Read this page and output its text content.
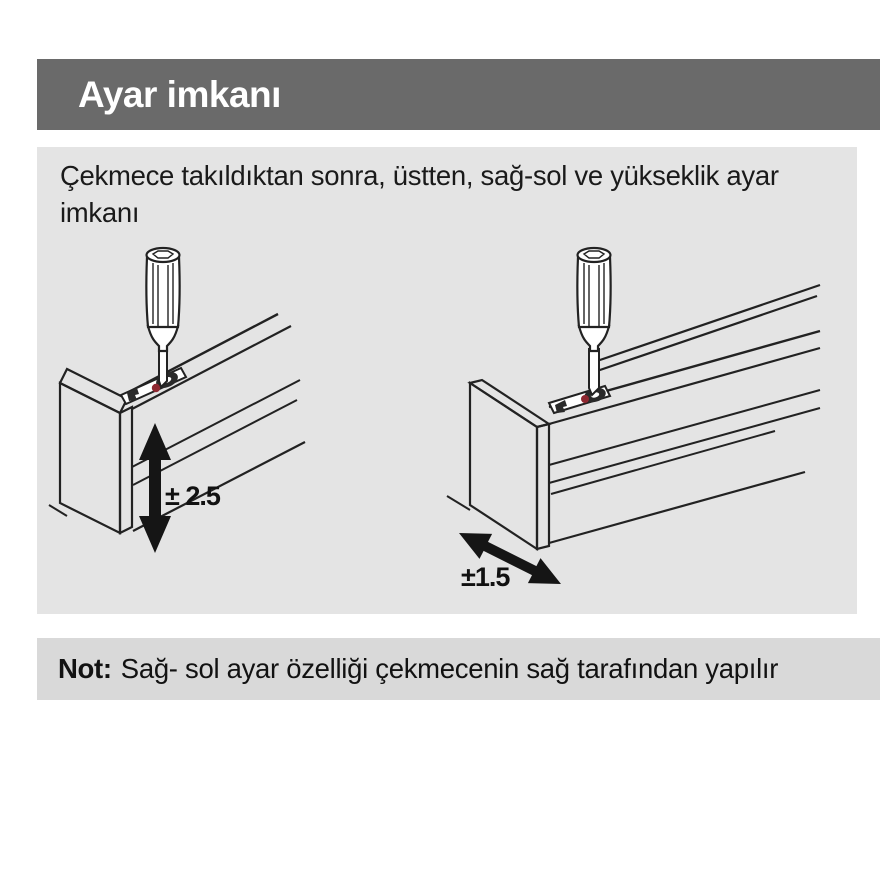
Ayar imkanı
Çekmece takıldıktan sonra, üstten, sağ-sol ve yükseklik ayar
imkanı
± 2.5
±1.5
Not: Sağ- sol ayar özelliği çekmecenin sağ tarafından yapılır
